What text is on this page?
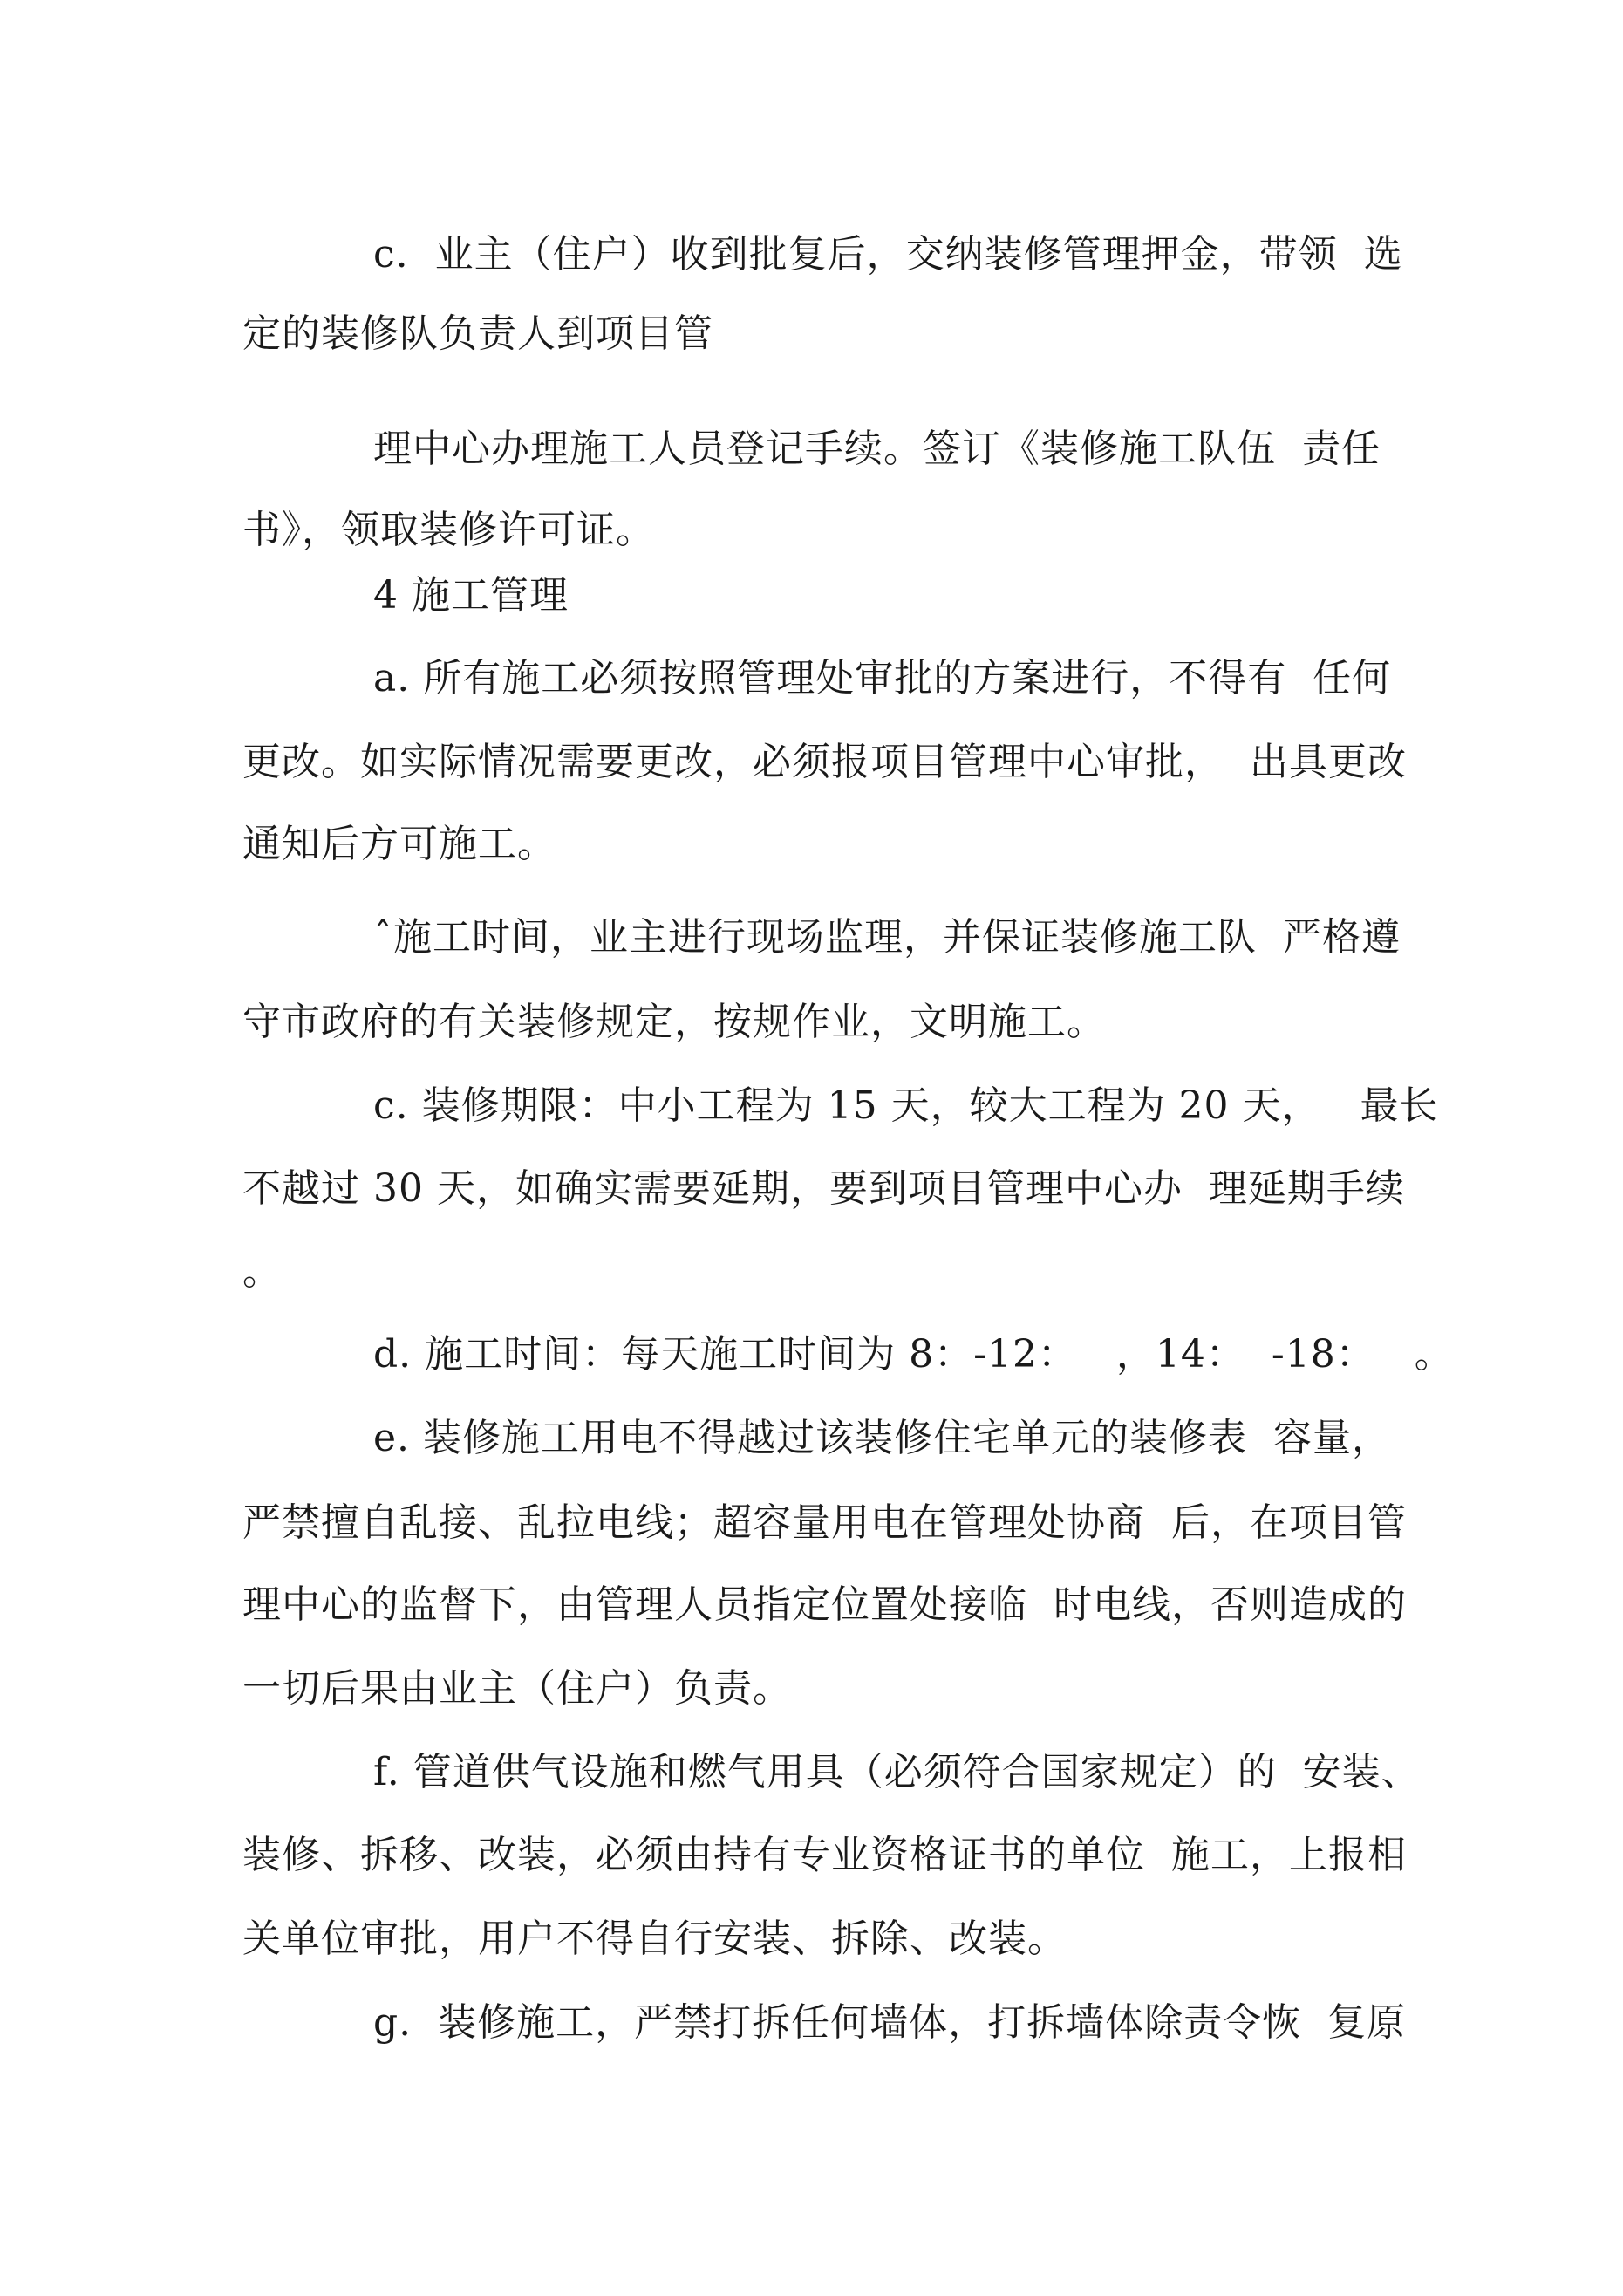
c.  业主（住户）收到批复后，交纳装修管理押金，带领  选
定的装修队负责人到项目管
理中心办理施工人员登记手续。签订《装修施工队伍  责任
书》，领取装修许可证。
4 施工管理
a. 所有施工必须按照管理处审批的方案进行，不得有  任何
更改。如实际情况需要更改，必须报项目管理中心审批，  出具更改
通知后方可施工。
ˆ施工时间，业主进行现场监理，并保证装修施工队  严格遵
守市政府的有关装修规定，按规作业，文明施工。
c. 装修期限：中小工程为 15 天，较大工程为 20 天，   最长
不越过 30 天，如确实需要延期，要到项目管理中心办  理延期手续
。
d. 施工时间：每天施工时间为 8：-12：   ，14：  -18：   。
e. 装修施工用电不得越过该装修住宅单元的装修表  容量，
严禁擅自乱接、乱拉电线；超容量用电在管理处协商  后，在项目管
理中心的监督下，由管理人员指定位置处接临  时电线，否则造成的
一切后果由业主（住户）负责。
f. 管道供气设施和燃气用具（必须符合国家规定）的  安装、
装修、拆移、改装，必须由持有专业资格证书的单位  施工，上报相
关单位审批，用户不得自行安装、拆除、改装。
g.  装修施工，严禁打拆任何墙体，打拆墙体除责令恢  复原
